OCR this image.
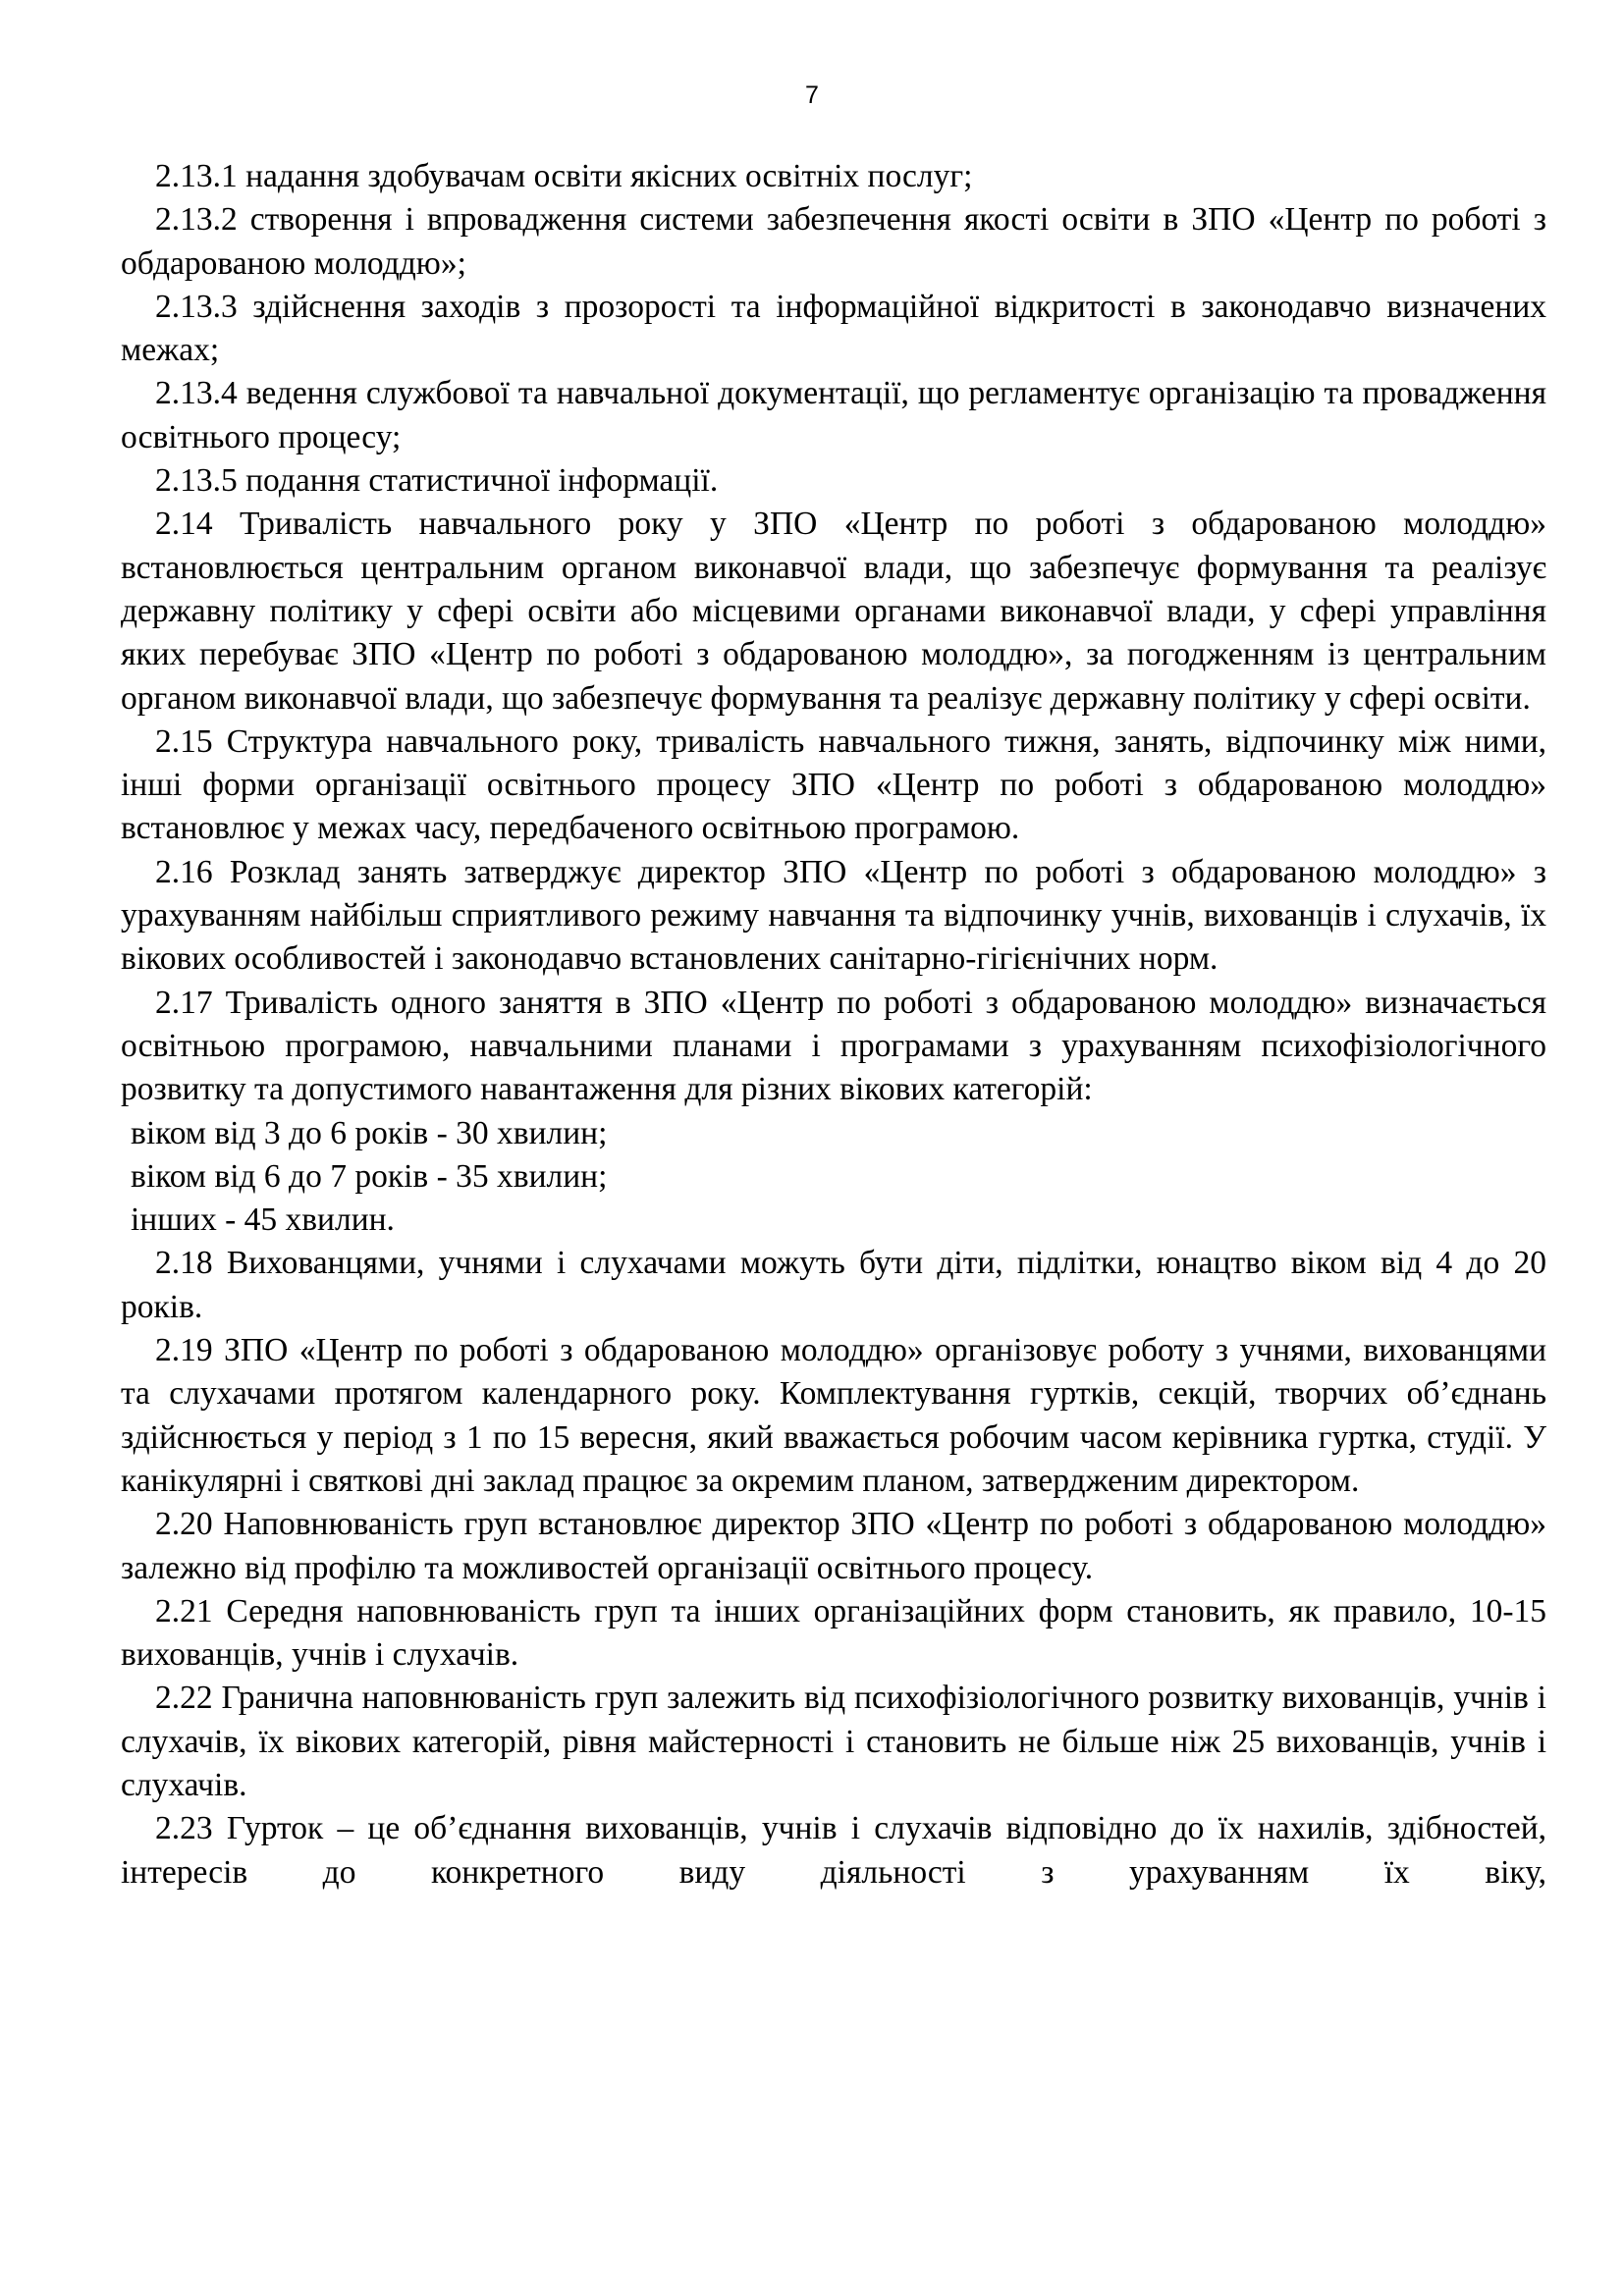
7

2.13.1 надання здобувачам освіти якісних освітніх послуг;

2.13.2 створення і впровадження системи забезпечення якості освіти в ЗПО «Центр по роботі з обдарованою молоддю»;

2.13.3 здійснення заходів з прозорості та інформаційної відкритості в законодавчо визначених межах;

2.13.4 ведення службової та навчальної документації, що регламентує організацію та провадження освітнього процесу;

2.13.5 подання статистичної інформації.

2.14 Тривалість навчального року у ЗПО «Центр по роботі з обдарованою молоддю» встановлюється центральним органом виконавчої влади, що забезпечує формування та реалізує державну політику у сфері освіти або місцевими органами виконавчої влади, у сфері управління яких перебуває ЗПО «Центр по роботі з обдарованою молоддю», за погодженням із центральним органом виконавчої влади, що забезпечує формування та реалізує державну політику у сфері освіти.

2.15 Структура навчального року, тривалість навчального тижня, занять, відпочинку між ними, інші форми організації освітнього процесу ЗПО «Центр по роботі з обдарованою молоддю» встановлює у межах часу, передбаченого освітньою програмою.

2.16 Розклад занять затверджує директор ЗПО «Центр по роботі з обдарованою молоддю» з урахуванням найбільш сприятливого режиму навчання та відпочинку учнів, вихованців і слухачів, їх вікових особливостей і законодавчо встановлених санітарно-гігієнічних норм.

2.17 Тривалість одного заняття в ЗПО «Центр по роботі з обдарованою молоддю» визначається освітньою програмою, навчальними планами і програмами з урахуванням психофізіологічного розвитку та допустимого навантаження для різних вікових категорій:

віком від 3 до 6 років - 30 хвилин;

віком від 6 до 7 років - 35 хвилин;

інших - 45 хвилин.

2.18 Вихованцями, учнями і слухачами можуть бути діти, підлітки, юнацтво віком від 4 до 20 років.

2.19 ЗПО «Центр по роботі з обдарованою молоддю» організовує роботу з учнями, вихованцями та слухачами протягом календарного року. Комплектування гуртків, секцій, творчих об’єднань здійснюється у період з 1 по 15 вересня, який вважається робочим часом керівника гуртка, студії. У канікулярні і святкові дні заклад працює за окремим планом, затвердженим директором.

2.20 Наповнюваність груп встановлює директор ЗПО «Центр по роботі з обдарованою молоддю» залежно від профілю та можливостей організації освітнього процесу.

2.21 Середня наповнюваність груп та інших організаційних форм становить, як правило, 10-15 вихованців, учнів і слухачів.

2.22 Гранична наповнюваність груп залежить від психофізіологічного розвитку вихованців, учнів і слухачів, їх вікових категорій, рівня майстерності і становить не більше ніж 25 вихованців, учнів і слухачів.

2.23 Гурток – це об’єднання вихованців, учнів і слухачів відповідно до їх нахилів, здібностей, інтересів до конкретного виду діяльності з урахуванням їх віку,
